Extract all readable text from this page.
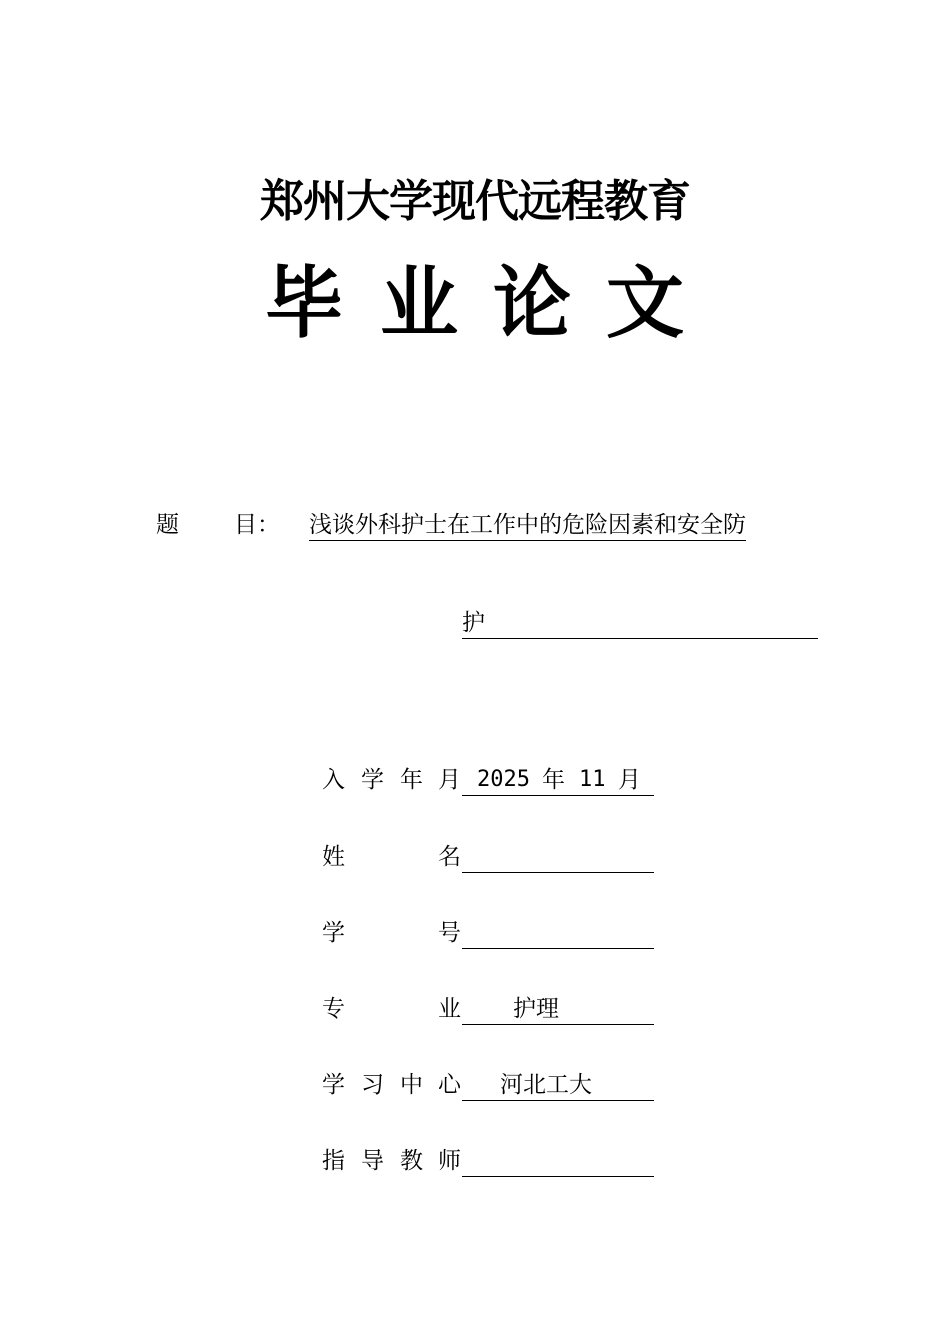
郑州大学现代远程教育
毕 业 论 文
题 目： 浅谈外科护士在工作中的危险因素和安全防
护
入 学 年 月 2025 年 11 月
姓	名
学	号
专	业 护理
学 习 中 心 河北工大
指 导 教 师
